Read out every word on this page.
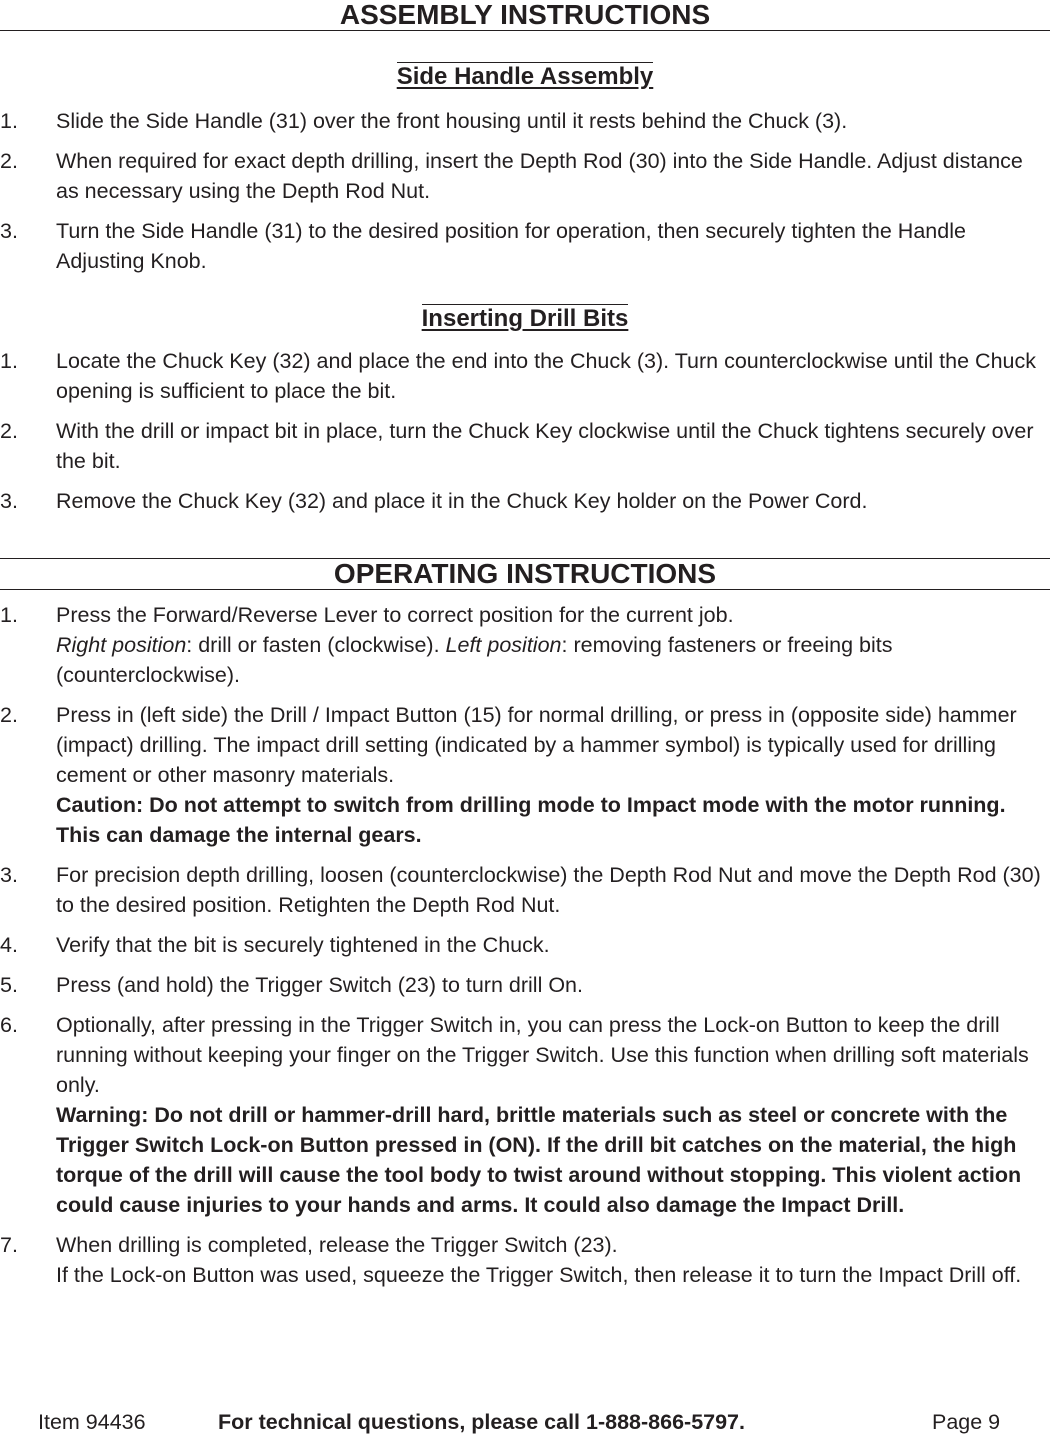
ASSEMBLY INSTRUCTIONS
Side Handle Assembly
1.	Slide the Side Handle (31) over the front housing until it rests behind the Chuck (3).
2.	When required for exact depth drilling, insert the Depth Rod (30) into the Side Handle. Adjust distance as necessary using the Depth Rod Nut.
3.	Turn the Side Handle (31) to the desired position for operation, then securely tighten the Handle Adjusting Knob.
Inserting Drill Bits
1.	Locate the Chuck Key (32) and place the end into the Chuck (3). Turn counterclockwise until the Chuck opening is sufficient to place the bit.
2.	With the drill or impact bit in place, turn the Chuck Key clockwise until the Chuck tightens securely over the bit.
3.	Remove the Chuck Key (32) and place it in the Chuck Key holder on the Power Cord.
OPERATING INSTRUCTIONS
1.	Press the Forward/Reverse Lever to correct position for the current job.

Right position: drill or fasten (clockwise). Left position: removing fasteners or freeing bits (counterclockwise).

2.	Press in (left side) the Drill / Impact Button (15) for normal drilling, or press in (opposite side) hammer (impact) drilling. The impact drill setting (indicated by a hammer symbol) is typically used for drilling cement or other masonry materials.

Caution: Do not attempt to switch from drilling mode to Impact mode with the motor running. This can damage the internal gears.

3.	For precision depth drilling, loosen (counterclockwise) the Depth Rod Nut and move the Depth Rod (30) to the desired position. Retighten the Depth Rod Nut.
4.	Verify that the bit is securely tightened in the Chuck.
5.	Press (and hold) the Trigger Switch (23) to turn drill On.
6.	Optionally, after pressing in the Trigger Switch in, you can press the Lock-on Button to keep the drill running without keeping your finger on the Trigger Switch. Use this function when drilling soft materials only.

Warning: Do not drill or hammer-drill hard, brittle materials such as steel or concrete with the Trigger Switch Lock-on Button pressed in (ON). If the drill bit catches on the material, the high torque of the drill will cause the tool body to twist around without stopping. This violent action could cause injuries to your hands and arms. It could also damage the Impact Drill.

7.	When drilling is completed, release the Trigger Switch (23).

If the Lock-on Button was used, squeeze the Trigger Switch, then release it to turn the Impact Drill off.

Item 94436	For technical questions, please call 1-888-866-5797.	Page 9
